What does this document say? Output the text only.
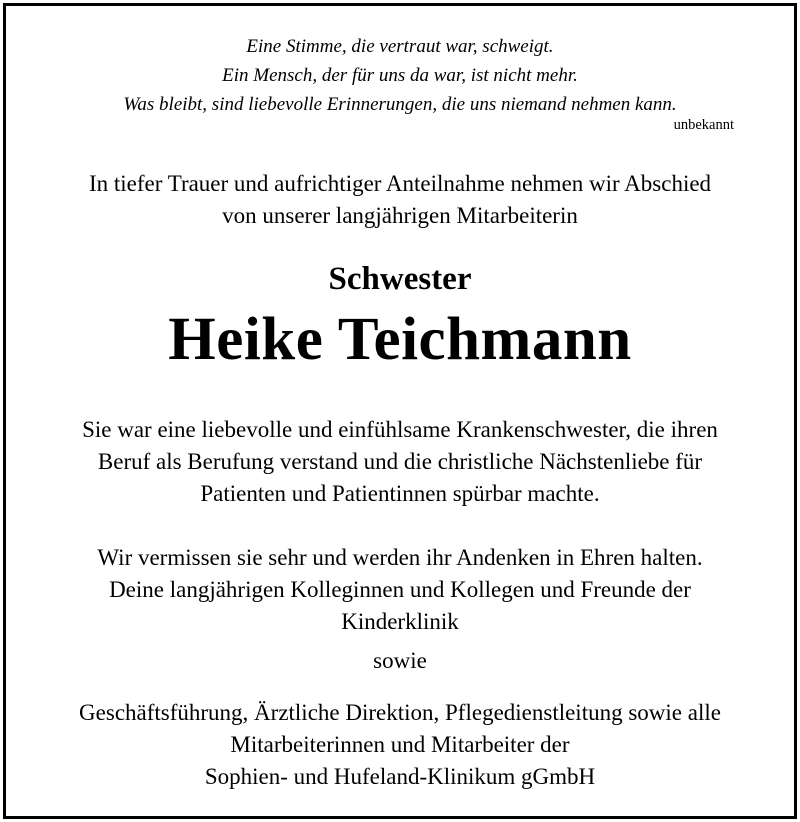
Eine Stimme, die vertraut war, schweigt.
Ein Mensch, der für uns da war, ist nicht mehr.
Was bleibt, sind liebevolle Erinnerungen, die uns niemand nehmen kann.
unbekannt
In tiefer Trauer und aufrichtiger Anteilnahme nehmen wir Abschied
von unserer langjährigen Mitarbeiterin
Schwester
Heike Teichmann
Sie war eine liebevolle und einfühlsame Krankenschwester, die ihren
Beruf als Berufung verstand und die christliche Nächstenliebe für
Patienten und Patientinnen spürbar machte.
Wir vermissen sie sehr und werden ihr Andenken in Ehren halten.
Deine langjährigen Kolleginnen und Kollegen und Freunde der
Kinderklinik
sowie
Geschäftsführung, Ärztliche Direktion, Pflegedienstleitung sowie alle
Mitarbeiterinnen und Mitarbeiter der
Sophien- und Hufeland-Klinikum gGmbH
